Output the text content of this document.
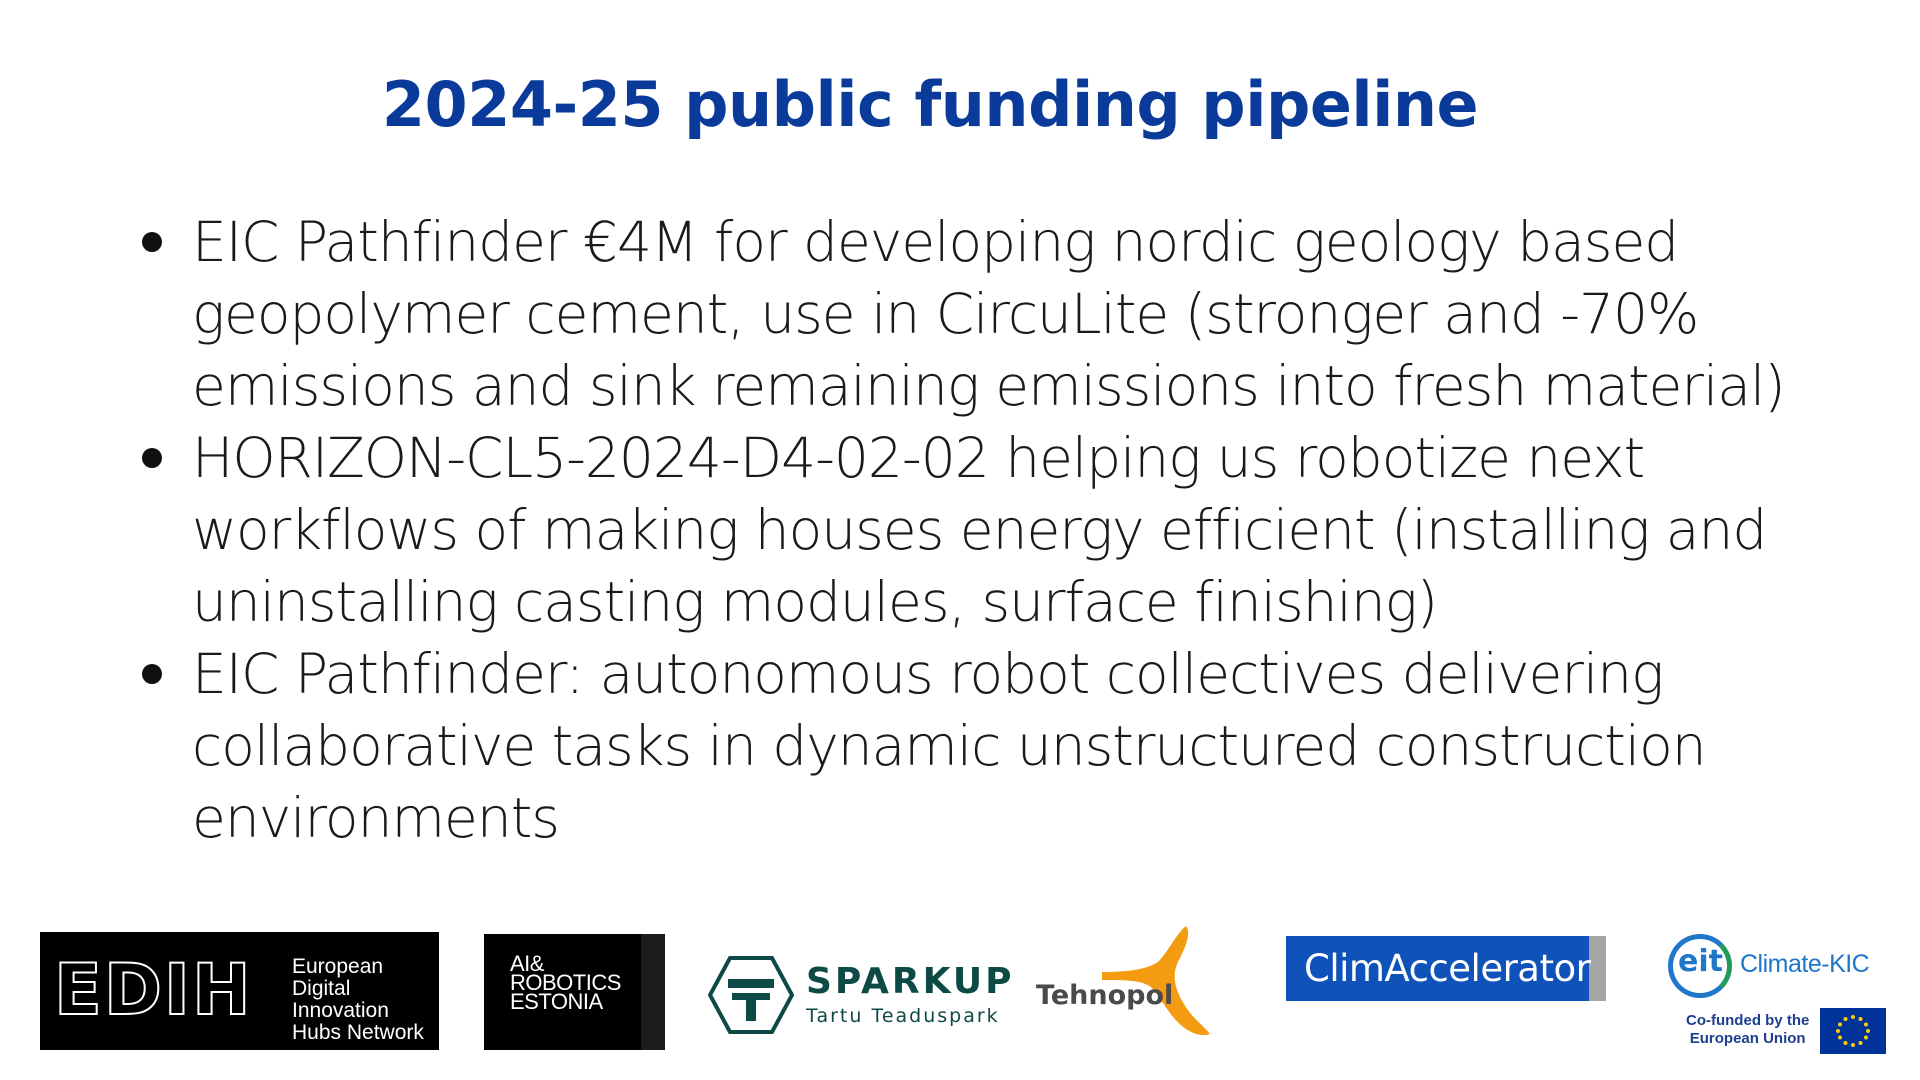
2024-25 public funding pipeline
EIC Pathfinder €4M for developing nordic geology based geopolymer cement, use in CircuLite (stronger and -70% emissions and sink remaining emissions into fresh material)
HORIZON-CL5-2024-D4-02-02 helping us robotize next workflows of making houses energy efficient (installing and uninstalling casting modules, surface finishing)
EIC Pathfinder: autonomous robot collectives delivering collaborative tasks in dynamic unstructured construction environments
EDIH European
Digital Innovation
Hubs Network
AI&
ROBOTICS
ESTONIA	SPARKUP
Tartu Teaduspark
Tehnopol
ClimAccelerator	eit Climate-KIC
Co-funded by the
European Union
